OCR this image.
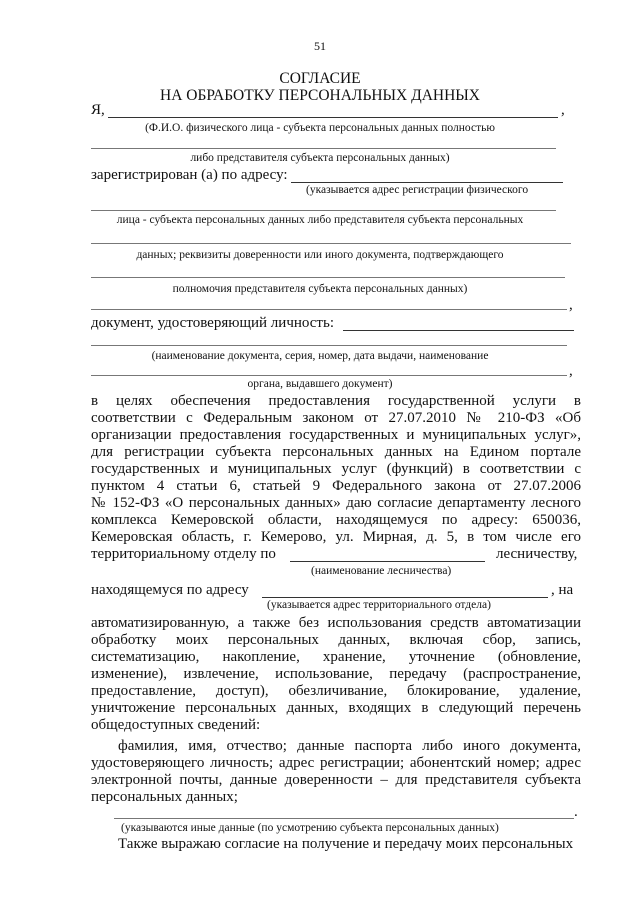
51
СОГЛАСИЕ
НА ОБРАБОТКУ ПЕРСОНАЛЬНЫХ ДАННЫХ
Я,	,
(Ф.И.О. физического лица - субъекта персональных данных полностью
либо представителя субъекта персональных данных)
зарегистрирован (а) по адресу:
(указывается адрес регистрации физического
лица - субъекта персональных данных либо представителя субъекта персональных
данных; реквизиты доверенности или иного документа, подтверждающего
полномочия представителя субъекта персональных данных)
,
документ, удостоверяющий личность:
(наименование документа, серия, номер, дата выдачи, наименование
,
органа, выдавшего документ)
в целях обеспечения предоставления государственной услуги в
соответствии с Федеральным законом от 27.07.2010 № 210-ФЗ «Об
организации предоставления государственных и муниципальных услуг»,
для регистрации субъекта персональных данных на Едином портале
государственных и муниципальных услуг (функций) в соответствии с
пунктом 4 статьи 6, статьей 9 Федерального закона от 27.07.2006
№ 152-ФЗ «О персональных данных» даю согласие департаменту лесного
комплекса Кемеровской области, находящемуся по адресу: 650036,
Кемеровская область, г. Кемерово, ул. Мирная, д. 5, в том числе его
территориальному отделу по	лесничеству,
(наименование лесничества)
находящемуся по адресу	, на
(указывается адрес территориального отдела)
автоматизированную, а также без использования средств автоматизации
обработку моих персональных данных, включая сбор, запись,
систематизацию, накопление, хранение, уточнение (обновление,
изменение), извлечение, использование, передачу (распространение,
предоставление, доступ), обезличивание, блокирование, удаление,
уничтожение персональных данных, входящих в следующий перечень
общедоступных сведений:
фамилия, имя, отчество; данные паспорта либо иного документа,
удостоверяющего личность; адрес регистрации; абонентский номер; адрес
электронной почты, данные доверенности – для представителя субъекта
персональных данных;
.
(указываются иные данные (по усмотрению субъекта персональных данных)
Также выражаю согласие на получение и передачу моих персональных
